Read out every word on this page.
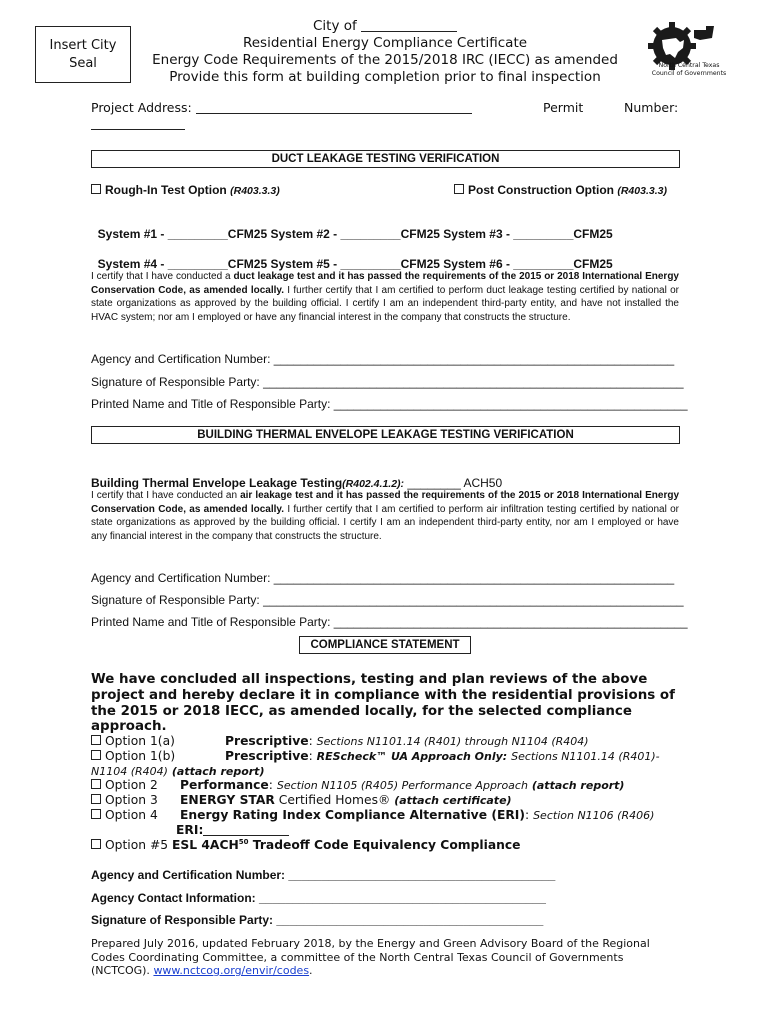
Insert City
Seal
City of
Residential Energy Compliance Certificate
Energy Code Requirements of the 2015/2018 IRC (IECC) as amended
Provide this form at building completion prior to final inspection
North Central Texas
Council of Governments
Project Address:	Permit	Number:
DUCT LEAKAGE TESTING VERIFICATION
Rough-In Test Option (R403.3.3)	Post Construction Option (R403.3.3)

System #1 - _________CFM25 System #2 - _________CFM25 System #3 - _________CFM25

System #4 - _________CFM25 System #5 - _________CFM25 System #6 - _________CFM25

I certify that I have conducted a duct leakage test and it has passed the requirements of the 2015 or 2018 International Energy Conservation Code, as amended locally. I further certify that I am certified to perform duct leakage testing certified by national or state organizations as approved by the building official. I certify I am an independent third-party entity, and have not installed the HVAC system; nor am I employed or have any financial interest in the company that constructs the structure.
Agency and Certification Number: ____________________________________________________________
Signature of Responsible Party: _______________________________________________________________
Printed Name and Title of Responsible Party: _____________________________________________________
BUILDING THERMAL ENVELOPE LEAKAGE TESTING VERIFICATION

Building Thermal Envelope Leakage Testing(R402.4.1.2): ________ ACH50

I certify that I have conducted an air leakage test and it has passed the requirements of the 2015 or 2018 International Energy Conservation Code, as amended locally. I further certify that I am certified to perform air infiltration testing certified by national or state organizations as approved by the building official. I certify I am an independent third-party entity, nor am I employed or have any financial interest in the company that constructs the structure.
Agency and Certification Number: ____________________________________________________________
Signature of Responsible Party: _______________________________________________________________
Printed Name and Title of Responsible Party: _____________________________________________________
COMPLIANCE STATEMENT
We have concluded all inspections, testing and plan reviews of the above project and hereby declare it in compliance with the residential provisions of the 2015 or 2018 IECC, as amended locally, for the selected compliance approach.
Option 1(a)	Prescriptive: Sections N1101.14 (R401) through N1104 (R404)
Option 1(b)	Prescriptive: REScheck™ UA Approach Only: Sections N1101.14 (R401)-
N1104 (R404) (attach report)
Option 2 Performance: Section N1105 (R405) Performance Approach (attach report)
Option 3 ENERGY STAR Certified Homes® (attach certificate)
Option 4 Energy Rating Index Compliance Alternative (ERI): Section N1106 (R406)
ERI:
Option #5 ESL 4ACH$^{50}$ Tradeoff Code Equivalency Compliance
Agency and Certification Number: ________________________________________
Agency Contact Information: ___________________________________________
Signature of Responsible Party: ________________________________________
Prepared July 2016, updated February 2018, by the Energy and Green Advisory Board of the Regional Codes Coordinating Committee, a committee of the North Central Texas Council of Governments (NCTCOG). www.nctcog.org/envir/codes.
